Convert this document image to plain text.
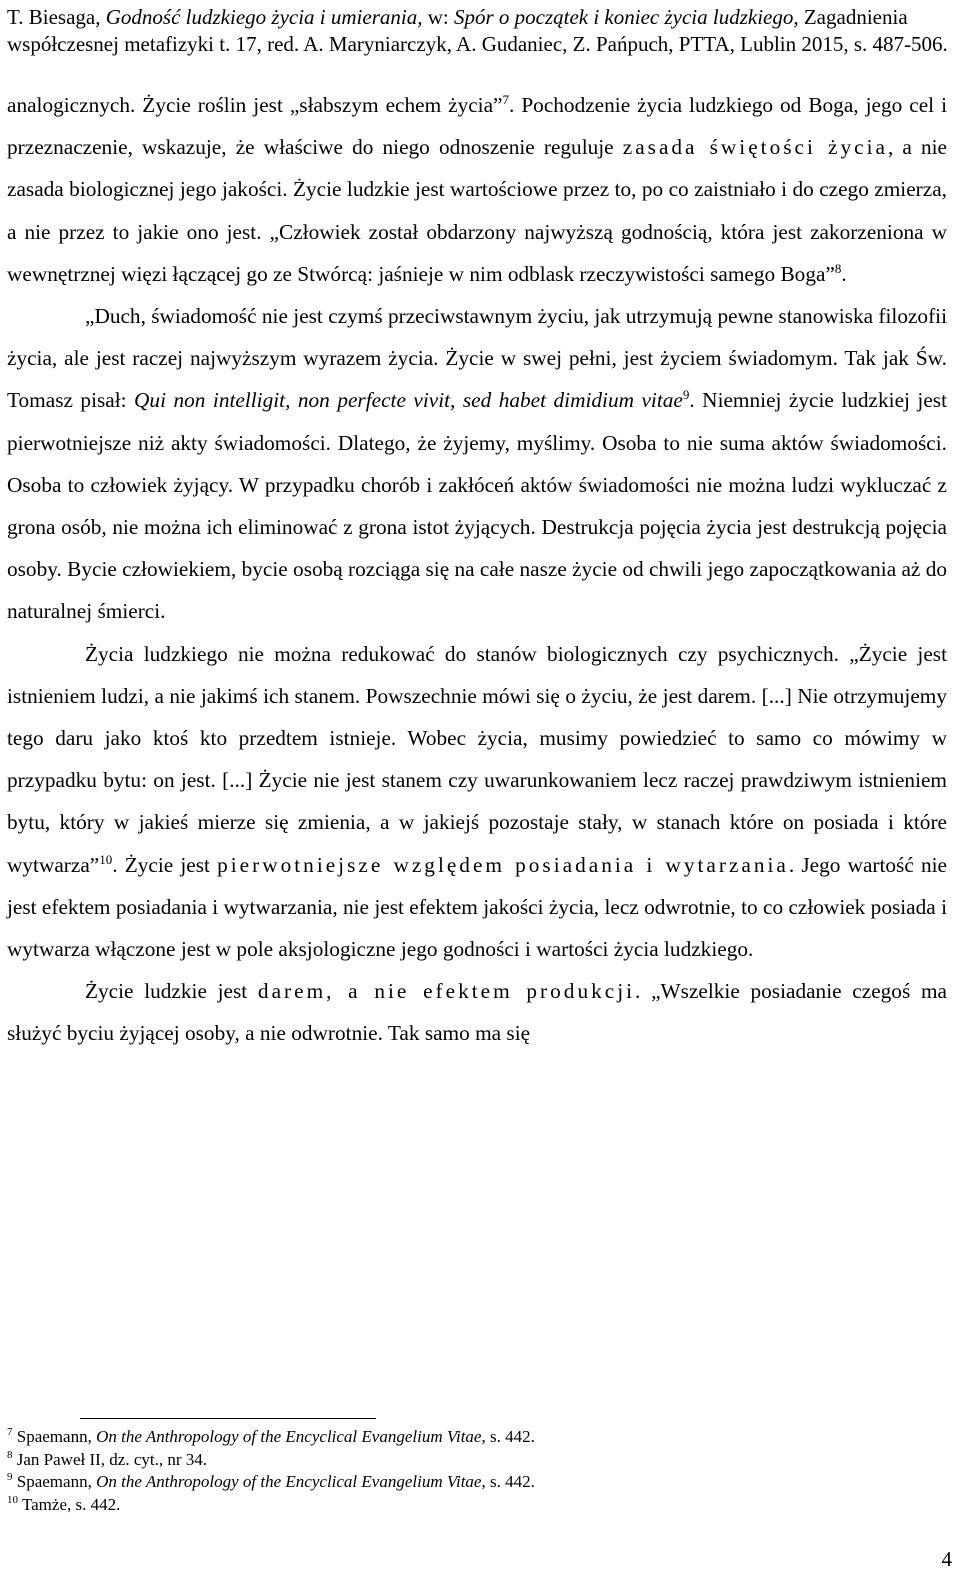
T. Biesaga, Godność ludzkiego życia i umierania, w: Spór o początek i koniec życia ludzkiego, Zagadnienia współczesnej metafizyki t. 17, red. A. Maryniarczyk, A. Gudaniec, Z. Pańpuch, PTTA, Lublin 2015, s. 487-506.

analogicznych. Życie roślin jest „słabszym echem życia”$^7$. Pochodzenie życia ludzkiego od Boga, jego cel i przeznaczenie, wskazuje, że właściwe do niego odnoszenie reguluje zasada świętości życia, a nie zasada biologicznej jego jakości. Życie ludzkie jest wartościowe przez to, po co zaistniało i do czego zmierza, a nie przez to jakie ono jest. „Człowiek został obdarzony najwyższą godnością, która jest zakorzeniona w wewnętrznej więzi łączącej go ze Stwórcą: jaśnieje w nim odblask rzeczywistości samego Boga”$^8$.

„Duch, świadomość nie jest czymś przeciwstawnym życiu, jak utrzymują pewne stanowiska filozofii życia, ale jest raczej najwyższym wyrazem życia. Życie w swej pełni, jest życiem świadomym. Tak jak Św. Tomasz pisał: Qui non intelligit, non perfecte vivit, sed habet dimidium vitae$^9$. Niemniej życie ludzkiej jest pierwotniejsze niż akty świadomości. Dlatego, że żyjemy, myślimy. Osoba to nie suma aktów świadomości. Osoba to człowiek żyjący. W przypadku chorób i zakłóceń aktów świadomości nie można ludzi wykluczać z grona osób, nie można ich eliminować z grona istot żyjących. Destrukcja pojęcia życia jest destrukcją pojęcia osoby. Bycie człowiekiem, bycie osobą rozciąga się na całe nasze życie od chwili jego zapoczątkowania aż do naturalnej śmierci.

Życia ludzkiego nie można redukować do stanów biologicznych czy psychicznych. „Życie jest istnieniem ludzi, a nie jakimś ich stanem. Powszechnie mówi się o życiu, że jest darem. [...] Nie otrzymujemy tego daru jako ktoś kto przedtem istnieje. Wobec życia, musimy powiedzieć to samo co mówimy w przypadku bytu: on jest. [...] Życie nie jest stanem czy uwarunkowaniem lecz raczej prawdziwym istnieniem bytu, który w jakieś mierze się zmienia, a w jakiejś pozostaje stały, w stanach które on posiada i które wytwarza”$^{10}$. Życie jest pierwotniejsze względem posiadania i wytarzania. Jego wartość nie jest efektem posiadania i wytwarzania, nie jest efektem jakości życia, lecz odwrotnie, to co człowiek posiada i wytwarza włączone jest w pole aksjologiczne jego godności i wartości życia ludzkiego.

Życie ludzkie jest darem, a nie efektem produkcji. „Wszelkie posiadanie czegoś ma służyć byciu żyjącej osoby, a nie odwrotnie. Tak samo ma się

$^7$ Spaemann, On the Anthropology of the Encyclical Evangelium Vitae, s. 442.
$^8$ Jan Paweł II, dz. cyt., nr 34.
$^9$ Spaemann, On the Anthropology of the Encyclical Evangelium Vitae, s. 442.
$^{10}$ Tamże, s. 442.
4
